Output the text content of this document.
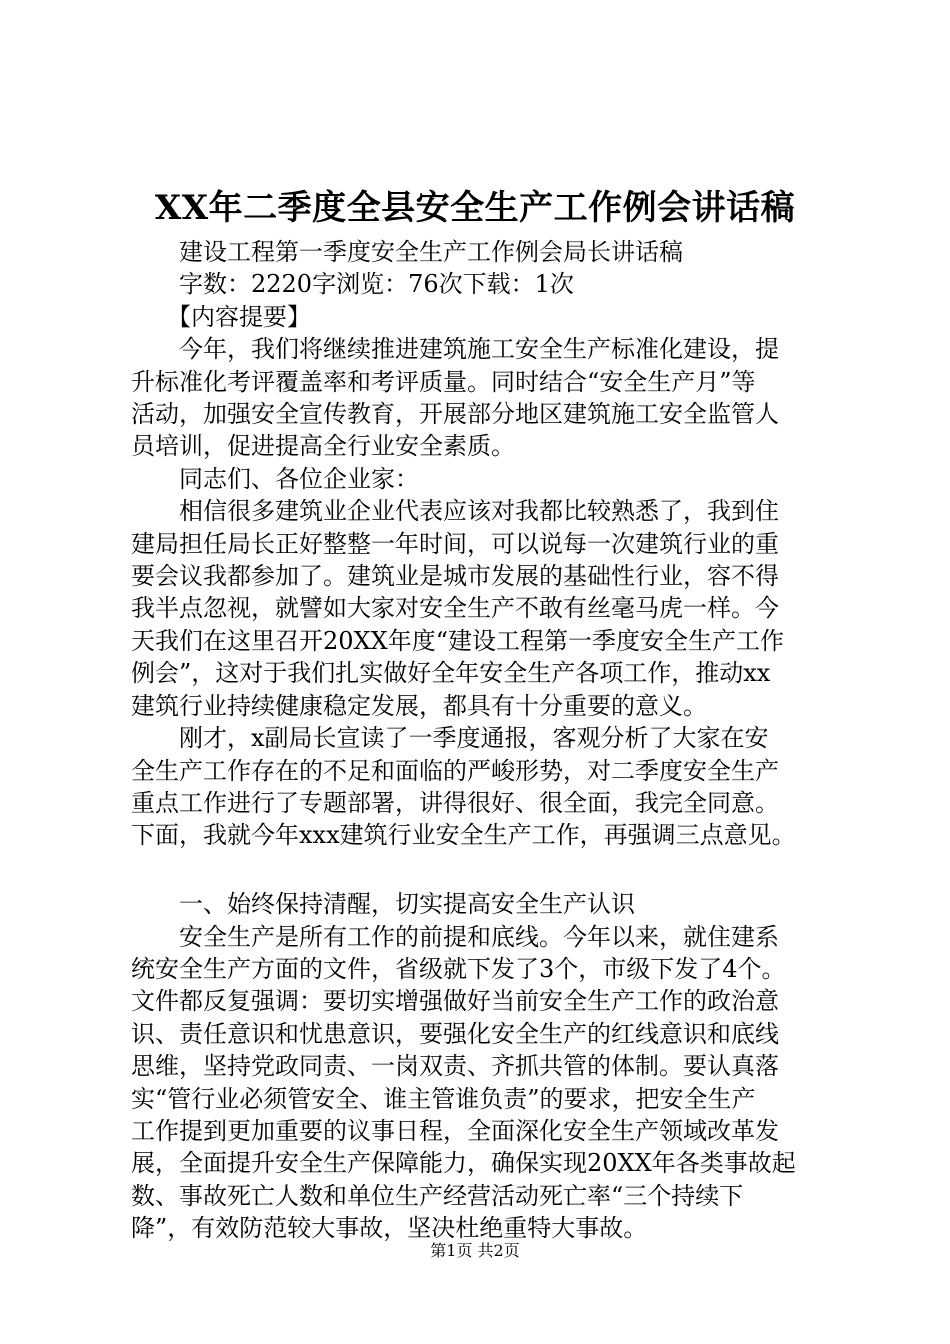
XX年二季度全县安全生产工作例会讲话稿
建设工程第一季度安全生产工作例会局长讲话稿
字数：2220字浏览：76次下载：1次
【内容提要】
今年，我们将继续推进建筑施工安全生产标准化建设，提
升标准化考评覆盖率和考评质量。同时结合“安全生产月”等
活动，加强安全宣传教育，开展部分地区建筑施工安全监管人
员培训，促进提高全行业安全素质。
同志们、各位企业家：
相信很多建筑业企业代表应该对我都比较熟悉了，我到住
建局担任局长正好整整一年时间，可以说每一次建筑行业的重
要会议我都参加了。建筑业是城市发展的基础性行业，容不得
我半点忽视，就譬如大家对安全生产不敢有丝毫马虎一样。今
天我们在这里召开20XX年度“建设工程第一季度安全生产工作
例会”，这对于我们扎实做好全年安全生产各项工作，推动xx
建筑行业持续健康稳定发展，都具有十分重要的意义。
刚才，x副局长宣读了一季度通报，客观分析了大家在安
全生产工作存在的不足和面临的严峻形势，对二季度安全生产
重点工作进行了专题部署，讲得很好、很全面，我完全同意。
下面，我就今年xxx建筑行业安全生产工作，再强调三点意见。
一、始终保持清醒，切实提高安全生产认识
安全生产是所有工作的前提和底线。今年以来，就住建系
统安全生产方面的文件，省级就下发了3个，市级下发了4个。
文件都反复强调：要切实增强做好当前安全生产工作的政治意
识、责任意识和忧患意识，要强化安全生产的红线意识和底线
思维，坚持党政同责、一岗双责、齐抓共管的体制。要认真落
实“管行业必须管安全、谁主管谁负责”的要求，把安全生产
工作提到更加重要的议事日程，全面深化安全生产领域改革发
展，全面提升安全生产保障能力，确保实现20XX年各类事故起
数、事故死亡人数和单位生产经营活动死亡率“三个持续下
降”，有效防范较大事故，坚决杜绝重特大事故。
第1页 共2页
